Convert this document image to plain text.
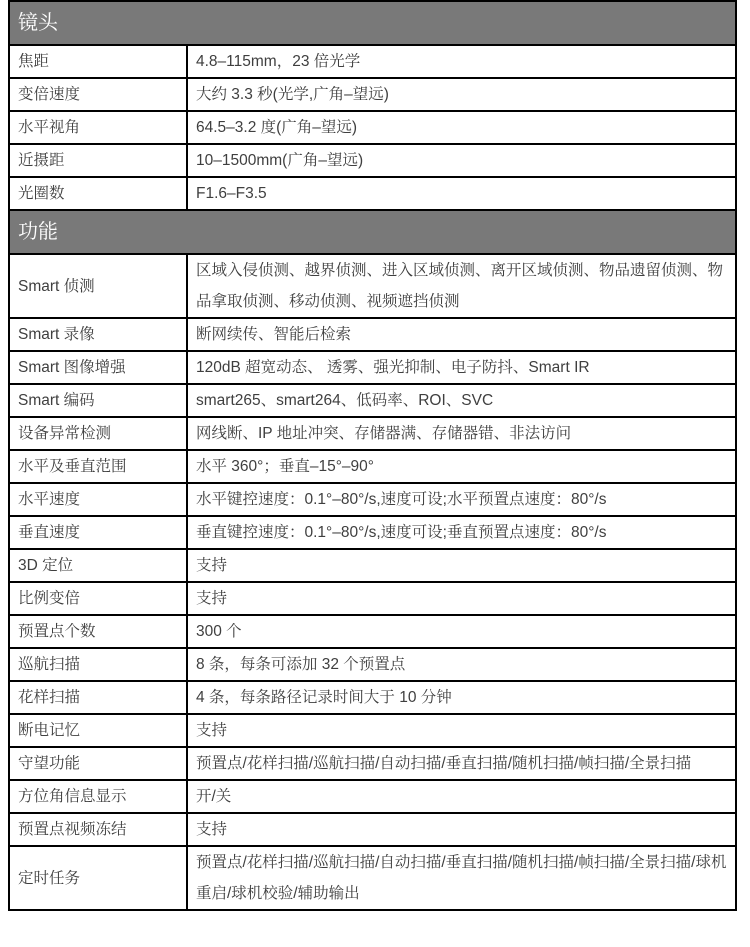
镜头	
焦距	4.8–115mm，23 倍光学
变倍速度	大约 3.3 秒(光学,广角–望远)
水平视角	64.5–3.2 度(广角–望远)
近摄距	10–1500mm(广角–望远)
光圈数	F1.6–F3.5
功能	
Smart 侦测	区域入侵侦测、越界侦测、进入区域侦测、离开区域侦测、物品遗留侦测、物品拿取侦测、移动侦测、视频遮挡侦测
Smart 录像	断网续传、智能后检索
Smart 图像增强	120dB 超宽动态、 透雾、强光抑制、电子防抖、Smart IR
Smart 编码	smart265、smart264、低码率、ROI、SVC
设备异常检测	网线断、IP 地址冲突、存储器满、存储器错、非法访问
水平及垂直范围	水平 360°；垂直–15°–90°
水平速度	水平键控速度：0.1°–80°/s,速度可设;水平预置点速度：80°/s
垂直速度	垂直键控速度：0.1°–80°/s,速度可设;垂直预置点速度：80°/s
3D 定位	支持
比例变倍	支持
预置点个数	300 个
巡航扫描	8 条，每条可添加 32 个预置点
花样扫描	4 条，每条路径记录时间大于 10 分钟
断电记忆	支持
守望功能	预置点/花样扫描/巡航扫描/自动扫描/垂直扫描/随机扫描/帧扫描/全景扫描
方位角信息显示	开/关
预置点视频冻结	支持
定时任务	预置点/花样扫描/巡航扫描/自动扫描/垂直扫描/随机扫描/帧扫描/全景扫描/球机重启/球机校验/辅助输出
